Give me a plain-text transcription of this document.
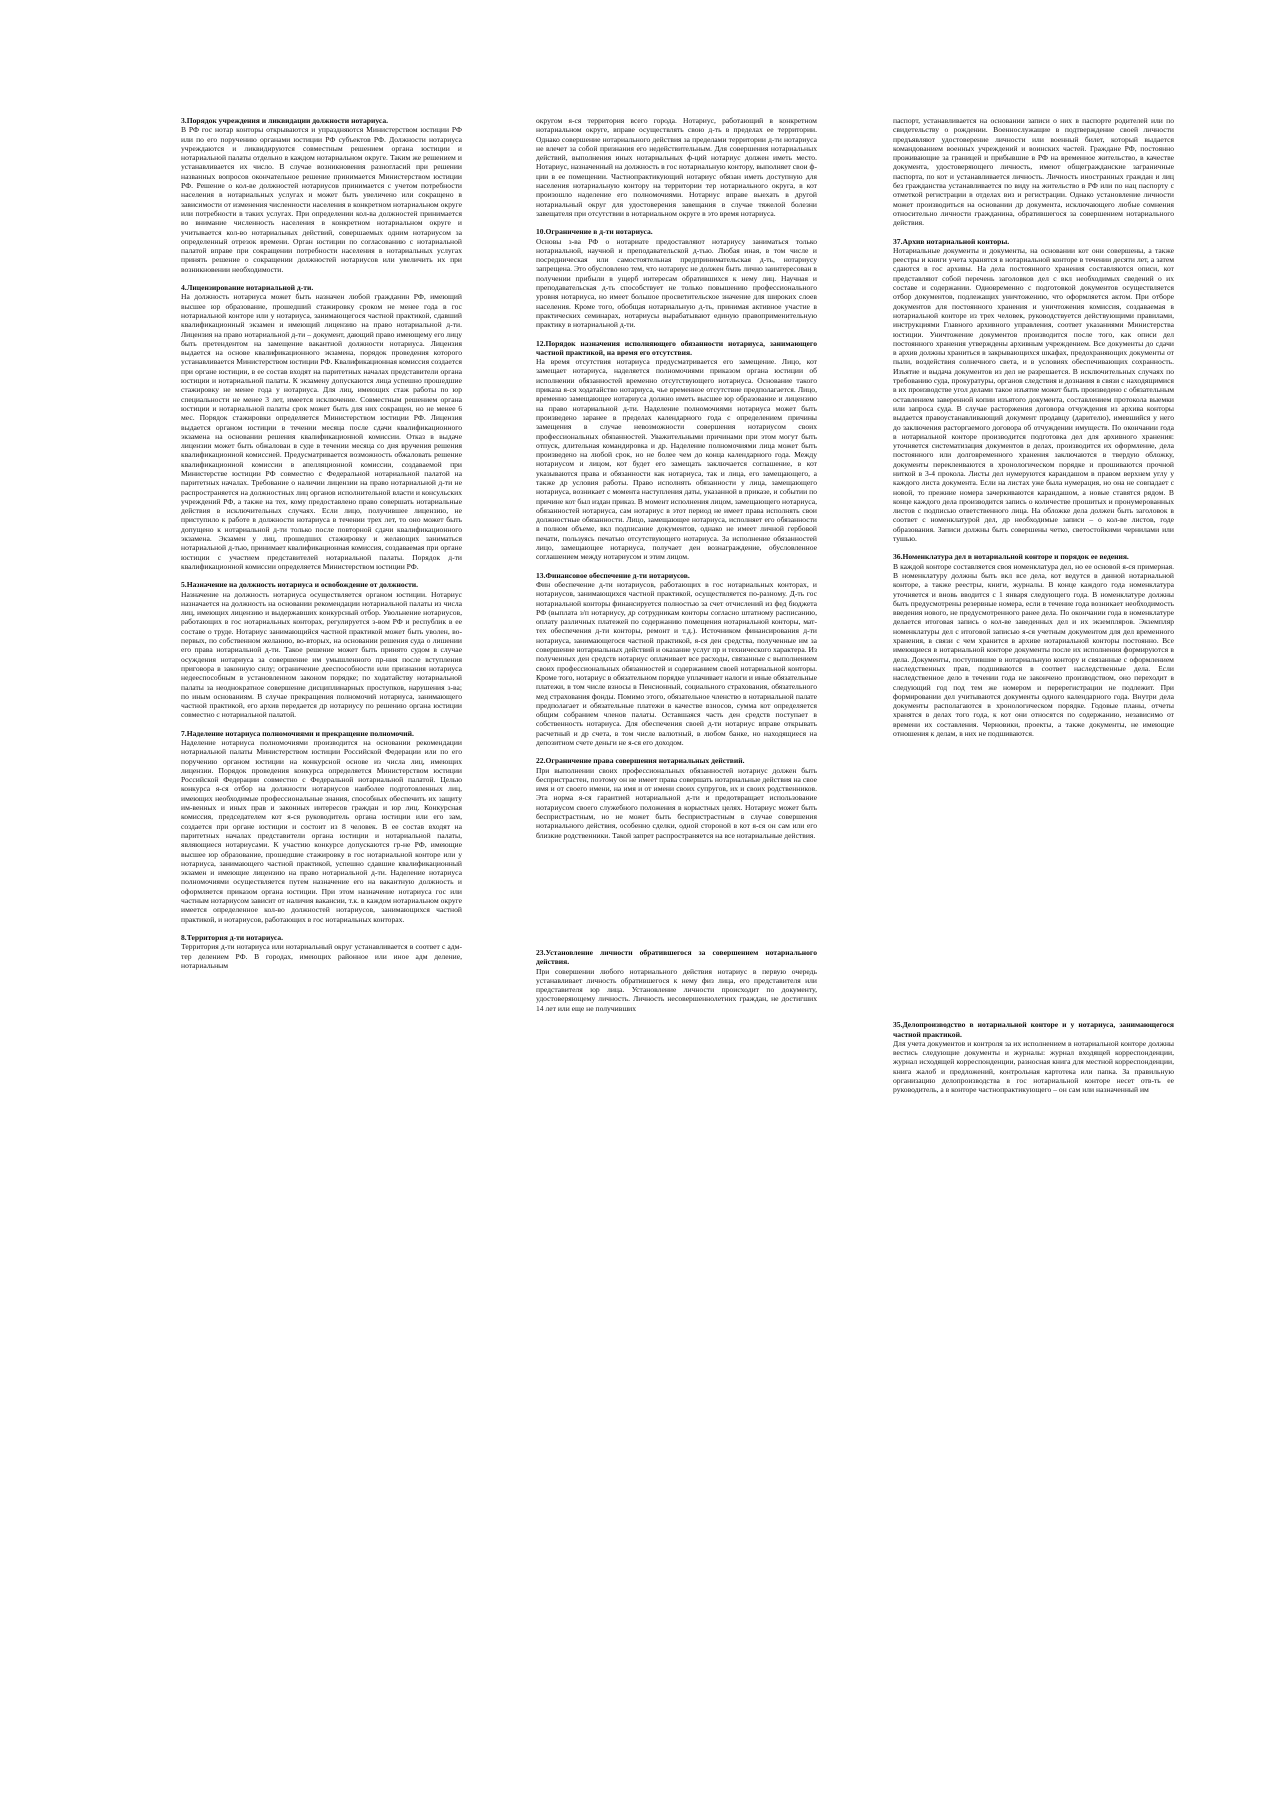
3.Порядок учреждения и ликвидации должности нотариуса.

В РФ гос нотар конторы открываются и упраздняются Министерством юстиции РФ или по его поручению органами юстиции РФ субъектов РФ. Должности нотариуса учреждаются и ликвидируются совместным решением органа юстиции и нотариальной палаты отдельно в каждом нотариальном округе. Таким же решением и устанавливается их число. В случае возникновения разногласий при решении названных вопросов окончательное решение принимается Министерством юстиции РФ. Решение о кол-ве должностей нотариусов принимается с учетом потребности населения в нотариальных услугах и может быть увеличено или сокращено в зависимости от изменения численности населения в конкретном нотариальном округе или потребности в таких услугах. При определении кол-ва должностей принимается во внимание численность населения в конкретном нотариальном округе и учитывается кол-во нотариальных действий, совершаемых одним нотариусом за определенный отрезок времени. Орган юстиции по согласованию с нотариальной палатой вправе при сокращении потребности населения в нотариальных услугах принять решение о сокращении должностей нотариусов или увеличить их при возникновении необходимости.

4.Лицензирование нотариальной д-ти.

На должность нотариуса может быть назначен любой гражданин РФ, имеющий высшее юр образование, прошедший стажировку сроком не менее года в гос нотариальной конторе или у нотариуса, занимающегося частной практикой, сдавший квалификационный экзамен и имеющий лицензию на право нотариальной д-ти. Лицензия на право нотариальной д-ти – документ, дающий право имеющему его лицу быть претендентом на замещение вакантной должности нотариуса. Лицензия выдается на основе квалификационного экзамена, порядок проведения которого устанавливается Министерством юстиции РФ. Квалификационная комиссия создается при органе юстиции, в ее состав входят на паритетных началах представители органа юстиции и нотариальной палаты. К экзамену допускаются лица успешно прошедшие стажировку не менее года у нотариуса. Для лиц, имеющих стаж работы по юр специальности не менее 3 лет, имеется исключение. Совместным решением органа юстиции и нотариальной палаты срок может быть для них сокращен, но не менее 6 мес. Порядок стажировки определяется Министерством юстиции РФ. Лицензия выдается органом юстиции в течении месяца после сдачи квалификационного экзамена на основании решения квалификационной комиссии. Отказ в выдаче лицензии может быть обжалован в суде в течении месяца со дня вручения решения квалификационной комиссией. Предусматривается возможность обжаловать решение квалификационной комиссии в апелляционной комиссии, создаваемой при Министерстве юстиции РФ совместно с Федеральной нотариальной палатой на паритетных началах. Требование о наличии лицензии на право нотариальной д-ти не распространяется на должностных лиц органов исполнительной власти и консульских учреждений РФ, а также на тех, кому предоставлено право совершать нотариальные действия в исключительных случаях. Если лицо, получившее лицензию, не приступило к работе в должности нотариуса в течении трех лет, то оно может быть допущено к нотариальной д-ти только после повторной сдачи квалификационного экзамена. Экзамен у лиц, прошедших стажировку и желающих заниматься нотариальной д-тью, принимает квалификационная комиссия, создаваемая при органе юстиции с участием представителей нотариальной палаты. Порядок д-ти квалификационной комиссии определяется Министерством юстиции РФ.

5.Назначение на должность нотариуса и освобождение от должности.

Назначение на должность нотариуса осуществляется органом юстиции. Нотариус назначается на должность на основании рекомендации нотариальной палаты из числа лиц, имеющих лицензию и выдержавших конкурсный отбор. Увольнение нотариусов, работающих в гос нотариальных конторах, регулируется з-вом РФ и республик в ее составе о труде. Нотариус занимающийся частной практикой может быть уволен, во-первых, по собственном желанию, во-вторых, на основании решения суда о лишении его права нотариальной д-ти. Такое решение может быть принято судом в случае осуждения нотариуса за совершение им умышленного пр-ния после вступления приговора в законную силу; ограничение дееспособности или признания нотариуса недееспособным в установленном законом порядке; по ходатайству нотариальной палаты за неоднократное совершение дисциплинарных проступков, нарушения з-ва; по иным основаниям. В случае прекращения полномочий нотариуса, занимающего частной практикой, его архив передается др нотариусу по решению органа юстиции совместно с нотариальной палатой.

7.Наделение нотариуса полномочиями и прекращение полномочий.

Наделение нотариуса полномочиями производится на основании рекомендации нотариальной палаты Министерством юстиции Российской Федерации или по его поручению органом юстиции на конкурсной основе из числа лиц, имеющих лицензии. Порядок проведения конкурса определяется Министерством юстиции Российской Федерации совместно с Федеральной нотариальной палатой. Целью конкурса я-ся отбор на должности нотариусов наиболее подготовленных лиц, имеющих необходимые профессиональные знания, способных обеспечить их защиту им-венных и иных прав и законных интересов граждан и юр лиц. Конкурсная комиссия, председателем кот я-ся руководитель органа юстиции или его зам, создается при органе юстиции и состоит из 8 человек. В ее состав входят на паритетных началах представители органа юстиции и нотариальной палаты, являющиеся нотариусами. К участию конкурсе допускаются гр-не РФ, имеющие высшее юр образование, прошедшие стажировку в гос нотариальной конторе или у нотариуса, занимающего частной практикой, успешно сдавшие квалификационный экзамен и имеющие лицензию на право нотариальной д-ти. Наделение нотариуса полномочиями осуществляется путем назначение его на вакантную должность и оформляется приказом органа юстиции. При этом назначение нотариуса гос или частным нотариусом зависит от наличия вакансии, т.к. в каждом нотариальном округе имеется определенное кол-во должностей нотариусов, занимающихся частной практикой, и нотариусов, работающих в гос нотариальных конторах.

8.Территория д-ти нотариуса.

Территория д-ти нотариуса или нотариальный округ устанавливается в соответ с адм-тер делением РФ. В городах, имеющих районное или иное адм деление, нотариальным

округом я-ся территория всего города. Нотариус, работающий в конкретном нотариальном округе, вправе осуществлять свою д-ть в пределах ее территории. Однако совершение нотариального действия за пределами территории д-ти нотариуса не влечет за собой признания его недействительным. Для совершения нотариальных действий, выполнения иных нотариальных ф-ций нотариус должен иметь место. Нотариус, назначенный на должность в гос нотариальную контору, выполняет свои ф-ции в ее помещении. Частнопрактикующий нотариус обязан иметь доступную для населения нотариальную контору на территории тер нотариального округа, в кот произошло наделение его полномочиями. Нотариус вправе выехать в другой нотариальный округ для удостоверения завещания в случае тяжелой болезни завещателя при отсутствии в нотариальном округе в это время нотариуса.

10.Ограничение в д-ти нотариуса.

Основы з-ва РФ о нотариате предоставляют нотариусу заниматься только нотариальной, научной и преподавательской д-тью. Любая иная, в том числе и посредническая или самостоятельная предпринимательская д-ть, нотариусу запрещена. Это обусловлено тем, что нотариус не должен быть лично заинтересован в получении прибыли в ущерб интересам обратившихся к нему лиц. Научная и преподавательская д-ть способствует не только повышению профессионального уровня нотариуса, но имеет большое просветительское значение для широких слоев населения. Кроме того, обобщая нотариальную д-ть, принимая активное участие в практических семинарах, нотариусы вырабатывают единую правоприменительную практику в нотариальной д-ти.

12.Порядок назначения исполняющего обязанности нотариуса, занимающего частной практикой, на время его отсутствия.

На время отсутствия нотариуса предусматривается его замещение. Лицо, кот замещает нотариуса, наделяется полномочиями приказом органа юстиции об исполнении обязанностей временно отсутствующего нотариуса. Основание такого приказа я-ся ходатайство нотариуса, чье временное отсутствие предполагается. Лицо, временно замещающее нотариуса должно иметь высшее юр образование и лицензию на право нотариальной д-ти. Наделение полномочиями нотариуса может быть произведено заранее в пределах календарного года с определением причины замещения в случае невозможности совершения нотариусом своих профессиональных обязанностей. Уважительными причинами при этом могут быть отпуск, длительная командировка и др. Наделение полномочиями лица может быть произведено на любой срок, но не более чем до конца календарного года. Между нотариусом и лицом, кот будет его замещать заключается соглашение, в кот указываются права и обязанности как нотариуса, так и лица, его замещающего, а также др условия работы. Право исполнять обязанности у лица, замещающего нотариуса, возникает с момента наступления даты, указанной в приказе, и событии по причине кот был издан приказ. В момент исполнения лицом, замещающего нотариуса, обязанностей нотариуса, сам нотариус в этот период не имеет права исполнять свои должностные обязанности. Лицо, замещающее нотариуса, исполняет его обязанности в полном объеме, вкл подписание документов, однако не имеет личной гербовой печати, пользуясь печатью отсутствующего нотариуса. За исполнение обязанностей лицо, замещающее нотариуса, получает ден вознаграждение, обусловленное соглашением между нотариусом и этим лицом.

13.Финансовое обеспечение д-ти нотариусов.

Фин обеспечение д-ти нотариусов, работающих в гос нотариальных конторах, и нотариусов, занимающихся частной практикой, осуществляется по-разному. Д-ть гос нотариальной конторы финансируется полностью за счет отчислений из фед бюджета РФ (выплата з/п нотариусу, др сотрудникам конторы согласно штатному расписанию, оплату различных платежей по содержанию помещения нотариальной конторы, мат-тех обеспечения д-ти конторы, ремонт и т.д.). Источником финансирования д-ти нотариуса, занимающегося частной практикой, я-ся ден средства, полученные им за совершение нотариальных действий и оказание услуг пр и технического характера. Из полученных ден средств нотариус оплачивает все расходы, связанные с выполнением своих профессиональных обязанностей и содержанием своей нотариальной конторы. Кроме того, нотариус в обязательном порядке уплачивает налоги и иные обязательные платежи, в том числе взносы в Пенсионный, социального страхования, обязательного мед страхования фонды. Помимо этого, обязательное членство в нотариальной палате предполагает и обязательные платежи в качестве взносов, сумма кот определяется общим собранием членов палаты. Оставшаяся часть ден средств поступает в собственность нотариуса. Для обеспечения своей д-ти нотариус вправе открывать расчетный и др счета, в том числе валютный, в любом банке, но находящиеся на депозитном счете деньги не я-ся его доходом.

22.Ограничение права совершения нотариальных действий.

При выполнении своих профессиональных обязанностей нотариус должен быть беспристрастен, поэтому он не имеет права совершать нотариальные действия на свое имя и от своего имени, на имя и от имени своих супругов, их и своих родственников. Эта норма я-ся гарантией нотариальной д-ти и предотвращает использование нотариусом своего служебного положения в корыстных целях. Нотариус может быть беспристрастным, но не может быть беспристрастным в случае совершения нотариального действия, особенно сделки, одной стороной в кот я-ся он сам или его близкие родственники. Такой запрет распространяется на все нотариальные действия.

23.Установление личности обратившегося за совершением нотариального действия.

При совершении любого нотариального действия нотариус в первую очередь устанавливает личность обратившегося к нему физ лица, его представителя или представителя юр лица. Установление личности происходит по документу, удостоверяющему личность. Личность несовершеннолетних граждан, не достигших 14 лет или еще не получивших

паспорт, устанавливается на основании записи о них в паспорте родителей или по свидетельству о рождении. Военнослужащие в подтверждение своей личности предъявляют удостоверение личности или военный билет, который выдается командованием военных учреждений и воинских частей. Граждане РФ, постоянно проживающие за границей и прибывшие в РФ на временное жительство, в качестве документа, удостоверяющего личность, имеют общегражданские заграничные паспорта, по кот и устанавливается личность. Личность иностранных граждан и лиц без гражданства устанавливается по виду на жительство в РФ или по нац паспорту с отметкой регистрации в отделах виз и регистрации. Однако установление личности может производиться на основании др документа, исключающего любые сомнения относительно личности гражданина, обратившегося за совершением нотариального действия.

37.Архив нотариальной конторы.

Нотариальные документы и документы, на основании кот они совершены, а также реестры и книги учета хранятся в нотариальной конторе в течении десяти лет, а затем сдаются в гос архивы. На дела постоянного хранения составляются описи, кот представляют собой перечень заголовков дел с вкл необходимых сведений о их составе и содержании. Одновременно с подготовкой документов осуществляется отбор документов, подлежащих уничтожению, что оформляется актом. При отборе документов для постоянного хранения и уничтожения комиссия, создаваемая в нотариальной конторе из трех человек, руководствуется действующими правилами, инструкциями Главного архивного управления, соответ указаниями Министерства юстиции. Уничтожение документов производится после того, как описи дел постоянного хранения утверждены архивным учреждением. Все документы до сдачи в архив должны храниться в закрывающихся шкафах, предохраняющих документы от пыли, воздействия солнечного света, и в условиях обеспечивающих сохранность. Изъятие и выдача документов из дел не разрешается. В исключительных случаях по требованию суда, прокуратуры, органов следствия и дознания в связи с находящимися в их производстве угол делами такое изъятие может быть произведено с обязательным оставлением заверенной копии изъятого документа, составлением протокола выемки или запроса суда. В случае расторжения договора отчуждения из архива конторы выдается правоустанавливающий документ продавцу (дарителю), имевшийся у него до заключения расторгаемого договора об отчуждении имуществ. По окончании года в нотариальной конторе производится подготовка дел для архивного хранения: уточняется систематизация документов в делах, производится их оформление, дела постоянного или долговременного хранения заключаются в твердую обложку, документы переклеиваются в хронологическом порядке и прошиваются прочной ниткой в 3-4 прокола. Листы дел нумеруются карандашом в правом верхнем углу у каждого листа документа. Если на листах уже была нумерация, но она не совпадает с новой, то прежние номера зачеркиваются карандашом, а новые ставятся рядом. В конце каждого дела производится запись о количестве прошитых и пронумерованных листов с подписью ответственного лица. На обложке дела должен быть заголовок в соответ с номенклатурой дел, др необходимые записи – о кол-ве листов, годе образования. Записи должны быть совершены четко, светостойкими чернилами или тушью.

36.Номенклатура дел в нотариальной конторе и порядок ее ведения.

В каждой конторе составляется своя номенклатура дел, но ее основой я-ся примерная. В номенклатуру должны быть вкл все дела, кот ведутся в данной нотариальной конторе, а также реестры, книги, журналы. В конце каждого года номенклатура уточняется и вновь вводится с 1 января следующего года. В номенклатуре должны быть предусмотрены резервные номера, если в течение года возникает необходимость введения нового, не предусмотренного ранее дела. По окончании года в номенклатуре делается итоговая запись о кол-ве заведенных дел и их экземпляров. Экземпляр номенклатуры дел с итоговой записью я-ся учетным документом для дел временного хранения, в связи с чем хранится в архиве нотариальной конторы постоянно. Все имеющиеся в нотариальной конторе документы после их исполнения формируются в дела. Документы, поступившие в нотариальную контору и связанные с оформлением наследственных прав, подшиваются в соответ наследственные дела. Если наследственное дело в течении года не закончено производством, оно переходит в следующий год под тем же номером и перерегистрации не подлежит. При формировании дел учитываются документы одного календарного года. Внутри дела документы располагаются в хронологическом порядке. Годовые планы, отчеты хранятся в делах того года, к кот они относятся по содержанию, независимо от времени их составления. Черновики, проекты, а также документы, не имеющие отношения к делам, в них не подшиваются.

35.Делопроизводство в нотариальной конторе и у нотариуса, занимающегося частной практикой.

Для учета документов и контроля за их исполнением в нотариальной конторе должны вестись следующие документы и журналы: журнал входящей корреспонденции, журнал исходящей корреспонденции, разносная книга для местной корреспонденции, книга жалоб и предложений, контрольная картотека или папка. За правильную организацию делопроизводства в гос нотариальной конторе несет отв-ть ее руководитель, а в конторе частнопрактикующего – он сам или назначенный им
